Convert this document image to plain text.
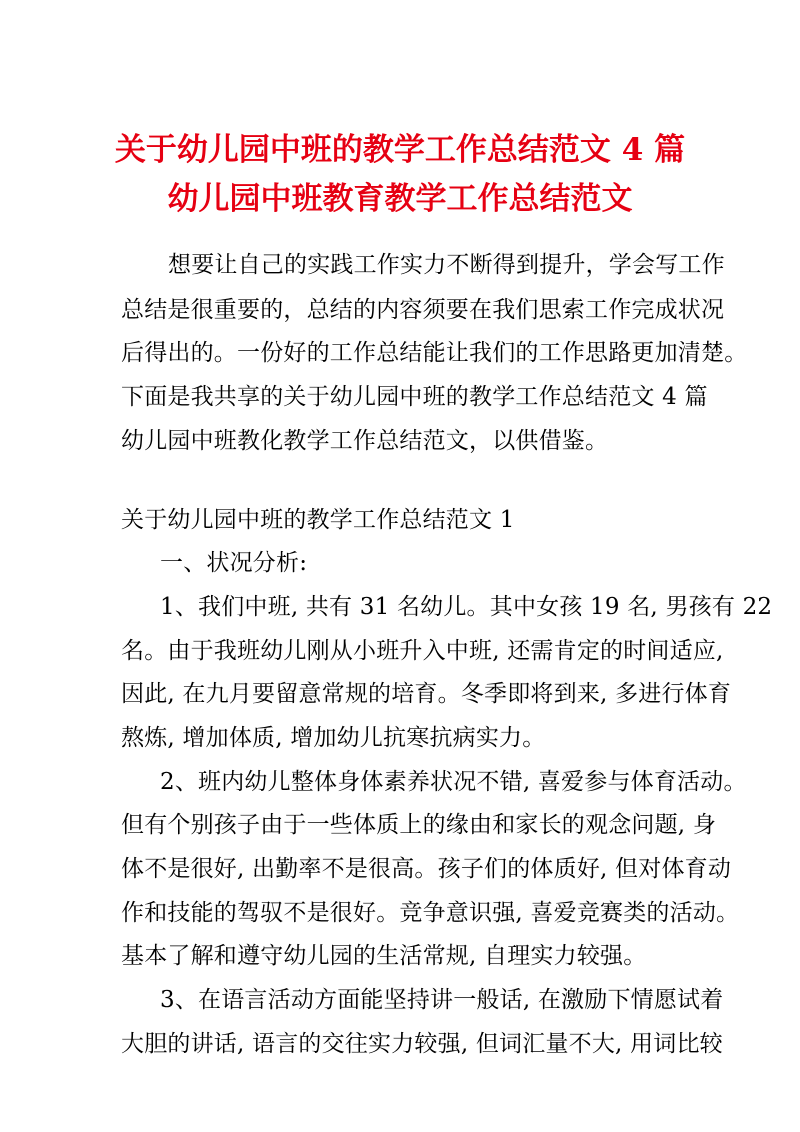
关于幼儿园中班的教学工作总结范文 4 篇
幼儿园中班教育教学工作总结范文
想要让自己的实践工作实力不断得到提升，学会写工作
总结是很重要的，总结的内容须要在我们思索工作完成状况
后得出的。一份好的工作总结能让我们的工作思路更加清楚。
下面是我共享的关于幼儿园中班的教学工作总结范文 4 篇
幼儿园中班教化教学工作总结范文，以供借鉴。
关于幼儿园中班的教学工作总结范文 1
一、状况分析:
1、我们中班, 共有 31 名幼儿。其中女孩 19 名, 男孩有 22
名。由于我班幼儿刚从小班升入中班, 还需肯定的时间适应,
因此, 在九月要留意常规的培育。冬季即将到来, 多进行体育
熬炼, 增加体质, 增加幼儿抗寒抗病实力。
2、班内幼儿整体身体素养状况不错, 喜爱参与体育活动。
但有个别孩子由于一些体质上的缘由和家长的观念问题, 身
体不是很好, 出勤率不是很高。孩子们的体质好, 但对体育动
作和技能的驾驭不是很好。竞争意识强, 喜爱竞赛类的活动。
基本了解和遵守幼儿园的生活常规, 自理实力较强。
3、在语言活动方面能坚持讲一般话, 在激励下情愿试着
大胆的讲话, 语言的交往实力较强, 但词汇量不大, 用词比较
